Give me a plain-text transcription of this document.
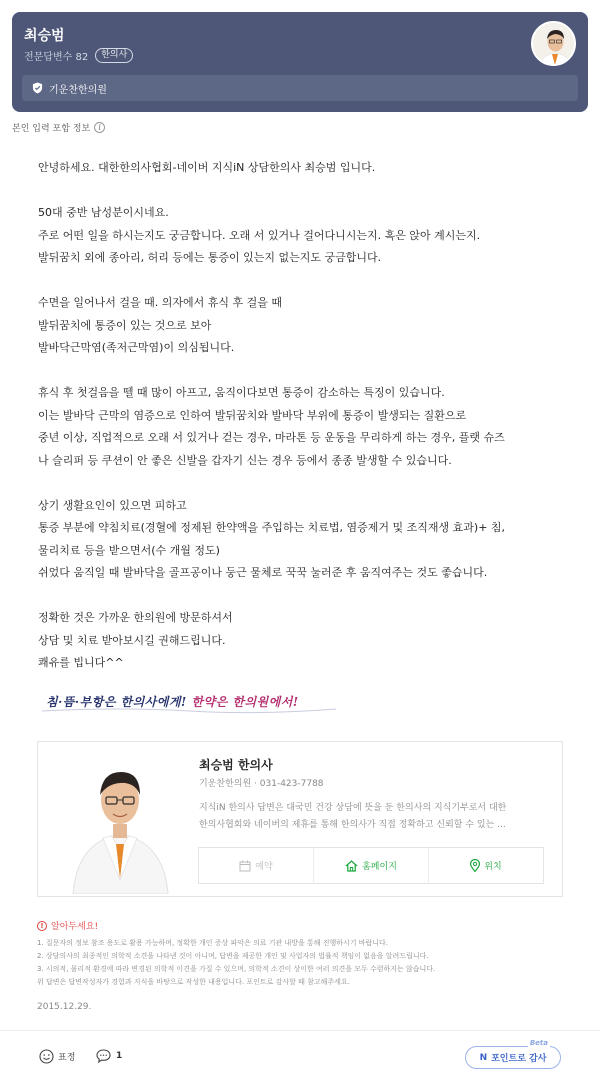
최승범
전문답변수 82	한의사
기운찬한의원
본인 입력 포함 정보	i
안녕하세요. 대한한의사협회-네이버 지식iN 상담한의사 최승범 입니다.
50대 중반 남성분이시네요.
주로 어떤 일을 하시는지도 궁금합니다. 오래 서 있거나 걸어다니시는지. 혹은 앉아 계시는지.
발뒤꿈치 외에 종아리, 허리 등에는 통증이 있는지 없는지도 궁금합니다.
수면을 일어나서 걸을 때. 의자에서 휴식 후 걸을 때
발뒤꿈치에 통증이 있는 것으로 보아
발바닥근막염(족저근막염)이 의심됩니다.
휴식 후 첫걸음을 뗄 때 많이 아프고, 움직이다보면 통증이 감소하는 특징이 있습니다.
이는 발바닥 근막의 염증으로 인하여 발뒤꿈치와 발바닥 부위에 통증이 발생되는 질환으로
중년 이상, 직업적으로 오래 서 있거나 걷는 경우, 마라톤 등 운동을 무리하게 하는 경우, 플랫 슈즈
나 슬리퍼 등 쿠션이 안 좋은 신발을 갑자기 신는 경우 등에서 종종 발생할 수 있습니다.
상기 생활요인이 있으면 피하고
통증 부분에 약침치료(경혈에 정제된 한약액을 주입하는 치료법, 염증제거 및 조직재생 효과)+ 침,
물리치료 등을 받으면서(수 개월 정도)
쉬었다 움직일 때 발바닥을 골프공이나 둥근 물체로 꾹꾹 눌러준 후 움직여주는 것도 좋습니다.
정확한 것은 가까운 한의원에 방문하셔서
상담 및 치료 받아보시길 권해드립니다.
쾌유를 빕니다^^
침·뜸·부항은 한의사에게! 한약은 한의원에서!
최승범 한의사
기운찬한의원 · 031-423-7788
지식iN 한의사 답변은 대국민 건강 상담에 뜻을 둔 한의사의 지식기부로서 대한
한의사협회와 네이버의 제휴를 통해 한의사가 직접 정확하고 신뢰할 수 있는 ...
예약	홈페이지	위치
! 알아두세요!
1. 질문자의 정보 참조 용도로 활용 가능하며, 정확한 개인 증상 파악은 의료 기관 내방을 통해 진행하시기 바랍니다.
2. 상담의사의 최종적인 의학적 소견을 나타낸 것이 아니며, 답변을 제공한 개인 및 사업자의 법률적 책임이 없음을 알려드립니다.
3. 시의적, 물리적 환경에 따라 변경된 의학적 이견을 가질 수 있으며, 의학적 소견이 상이한 여러 의견을 모두 수렴하지는 않습니다.
위 답변은 답변작성자가 경험과 지식을 바탕으로 작성한 내용입니다. 포인트로 감사할 때 참고해주세요.
2015.12.29.
표정	1
Beta
N 포인트로 감사
